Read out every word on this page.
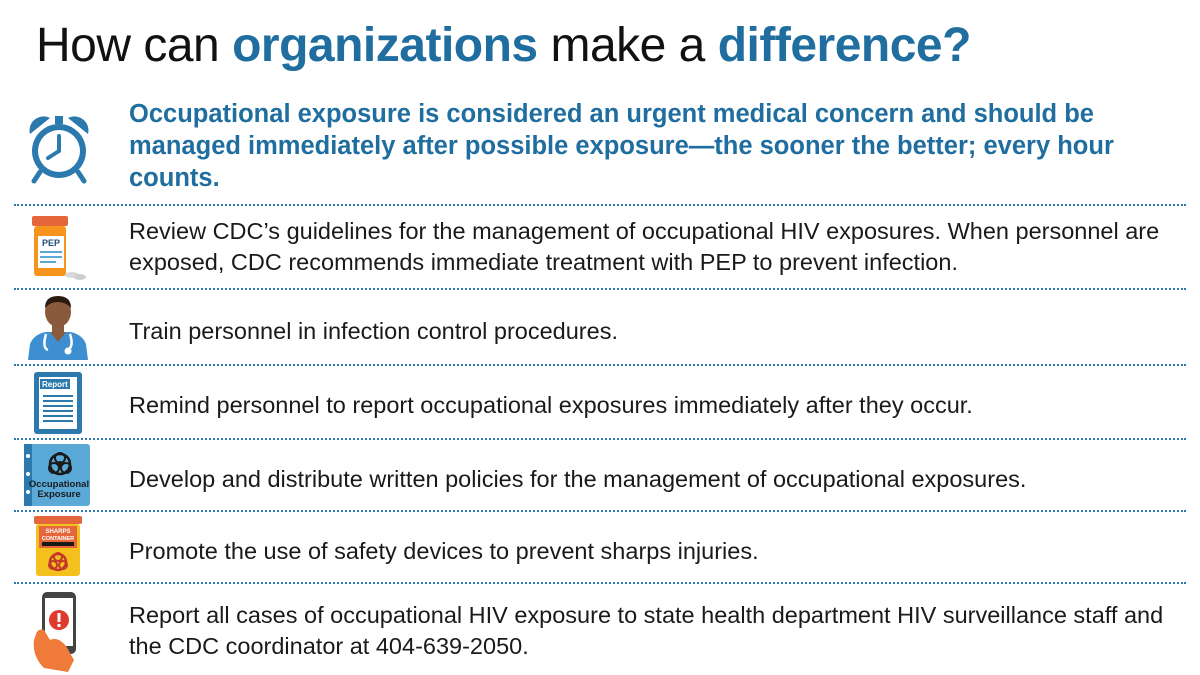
How can organizations make a difference?
Occupational exposure is considered an urgent medical concern and should be managed immediately after possible exposure—the sooner the better; every hour counts.
PEP	Review CDC’s guidelines for the management of occupational HIV exposures. When personnel are exposed, CDC recommends immediate treatment with PEP to prevent infection.
Train personnel in infection control procedures.
Report
Remind personnel to report occupational exposures immediately after they occur.
Occupational
Exposure
Develop and distribute written policies for the management of occupational exposures.
SHARPS
CONTAINER Promote the use of safety devices to prevent sharps injuries.
Report all cases of occupational HIV exposure to state health department HIV surveillance staff and the CDC coordinator at 404-639-2050.
